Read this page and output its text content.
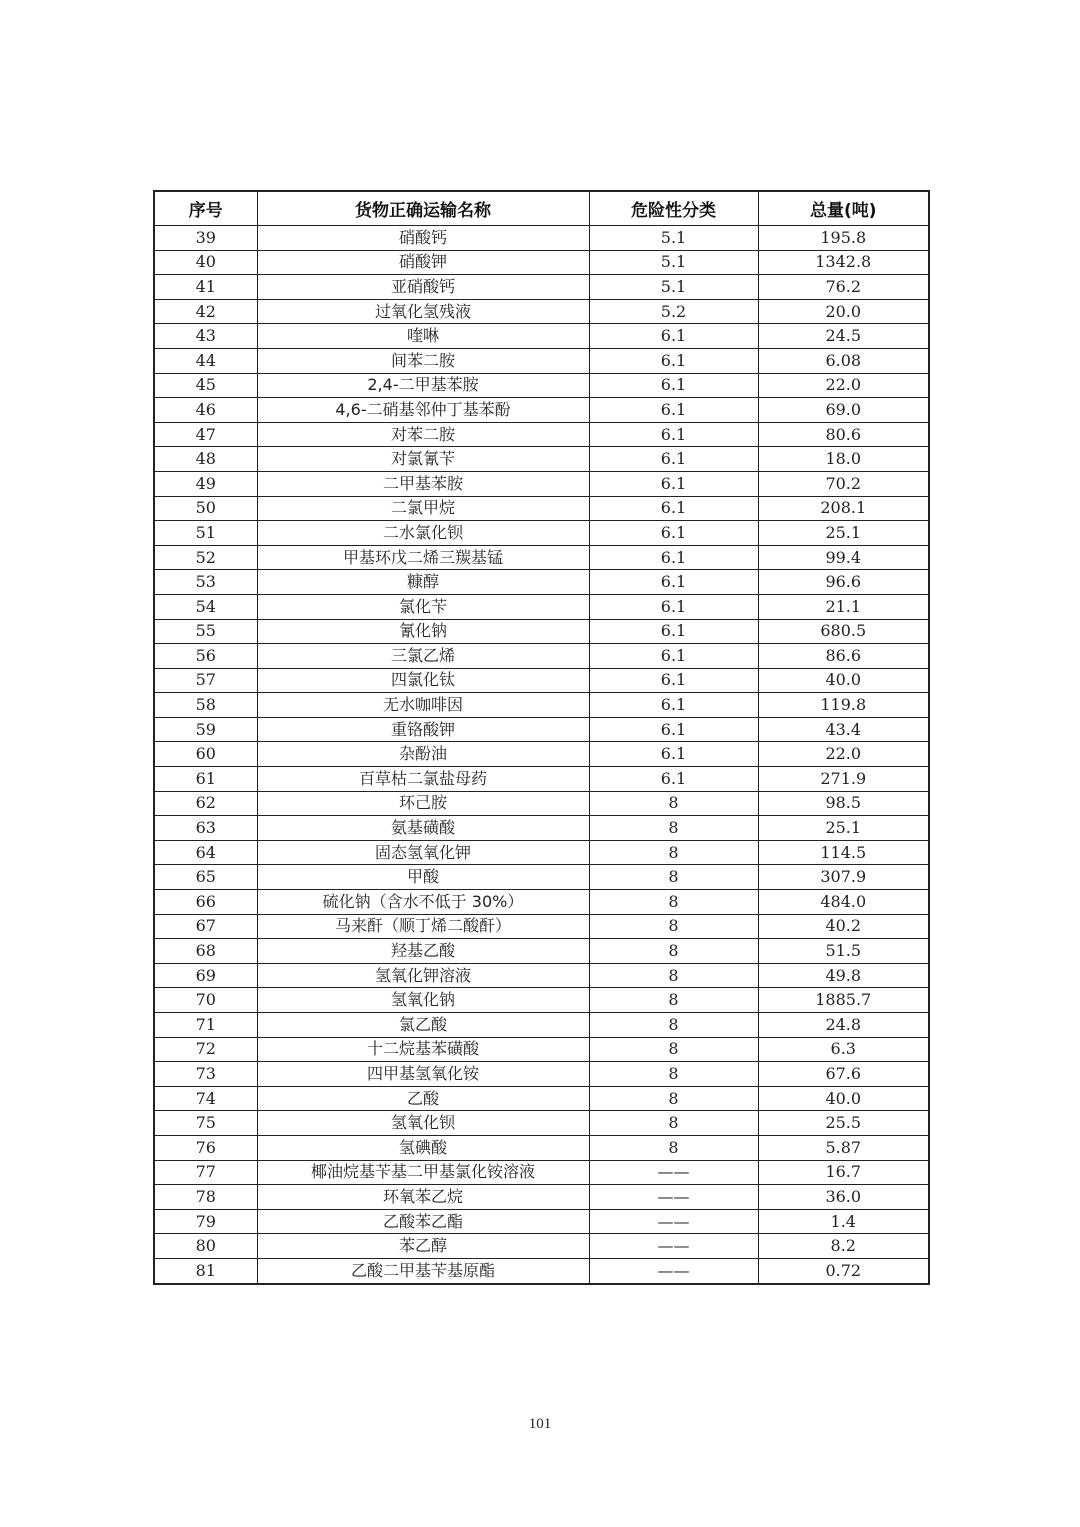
序号	货物正确运输名称	危险性分类	总量(吨)
39	硝酸钙	5.1	195.8
40	硝酸钾	5.1	1342.8
41	亚硝酸钙	5.1	76.2
42	过氧化氢残液	5.2	20.0
43	喹啉	6.1	24.5
44	间苯二胺	6.1	6.08
45	2,4-二甲基苯胺	6.1	22.0
46	4,6-二硝基邻仲丁基苯酚	6.1	69.0
47	对苯二胺	6.1	80.6
48	对氯氰苄	6.1	18.0
49	二甲基苯胺	6.1	70.2
50	二氯甲烷	6.1	208.1
51	二水氯化钡	6.1	25.1
52	甲基环戊二烯三羰基锰	6.1	99.4
53	糠醇	6.1	96.6
54	氯化苄	6.1	21.1
55	氰化钠	6.1	680.5
56	三氯乙烯	6.1	86.6
57	四氯化钛	6.1	40.0
58	无水咖啡因	6.1	119.8
59	重铬酸钾	6.1	43.4
60	杂酚油	6.1	22.0
61	百草枯二氯盐母药	6.1	271.9
62	环己胺	8	98.5
63	氨基磺酸	8	25.1
64	固态氢氧化钾	8	114.5
65	甲酸	8	307.9
66	硫化钠（含水不低于 30%）	8	484.0
67	马来酐（顺丁烯二酸酐）	8	40.2
68	羟基乙酸	8	51.5
69	氢氧化钾溶液	8	49.8
70	氢氧化钠	8	1885.7
71	氯乙酸	8	24.8
72	十二烷基苯磺酸	8	6.3
73	四甲基氢氧化铵	8	67.6
74	乙酸	8	40.0
75	氢氧化钡	8	25.5
76	氢碘酸	8	5.87
77	椰油烷基苄基二甲基氯化铵溶液	——	16.7
78	环氧苯乙烷	——	36.0
79	乙酸苯乙酯	——	1.4
80	苯乙醇	——	8.2
81	乙酸二甲基苄基原酯	——	0.72
101
